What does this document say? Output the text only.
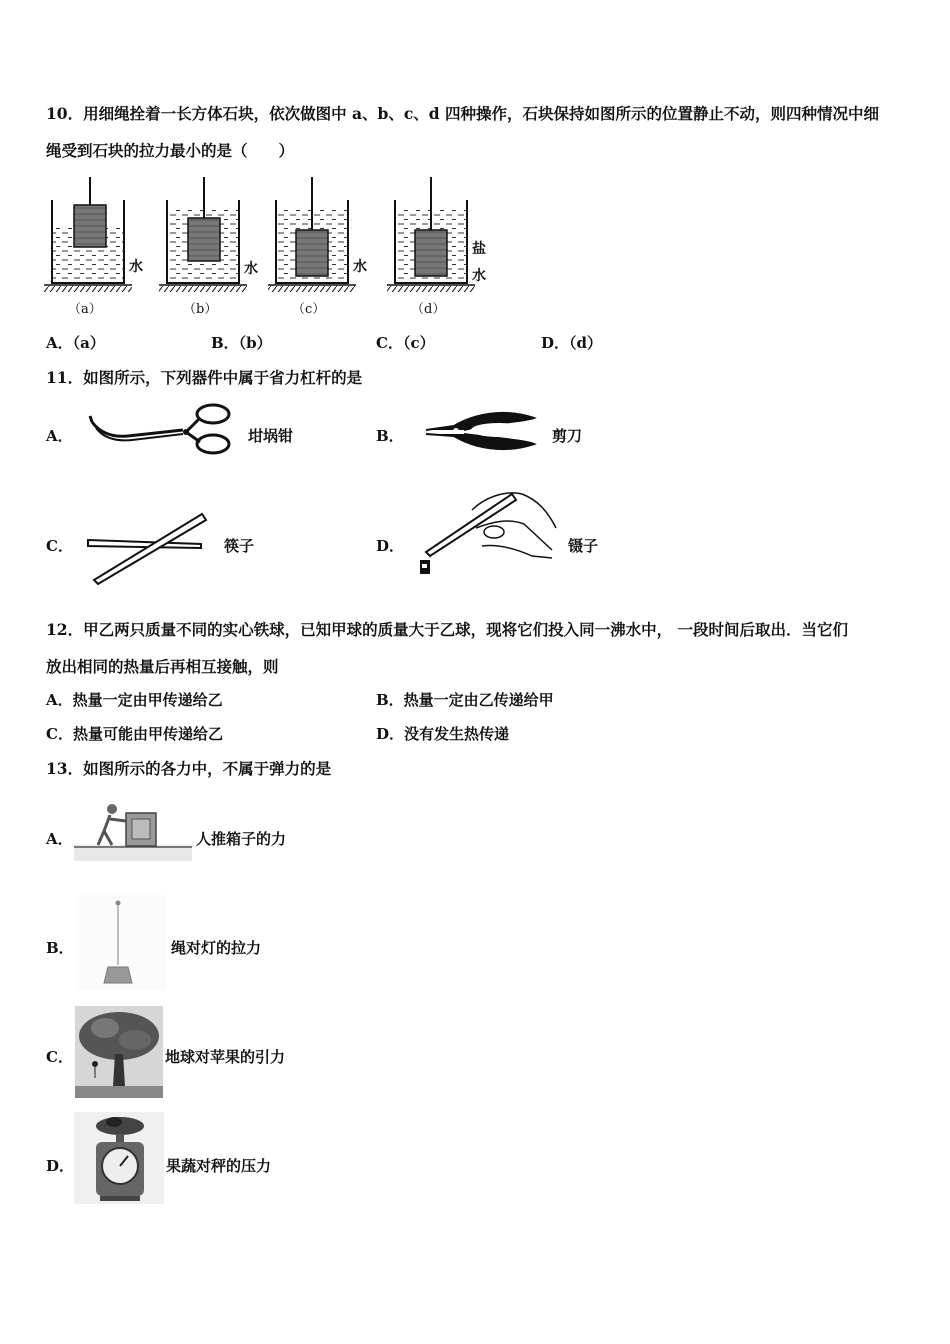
10．用细绳拴着一长方体石块，依次做图中 a、b、c、d 四种操作，石块保持如图所示的位置静止不动，则四种情况中细
绳受到石块的拉力最小的是（　　）
水	水	水
盐
水
（a）	（b）	（c）	（d）
A．（a）	B．（b）	C．（c）	D．（d）
11．如图所示，下列器件中属于省力杠杆的是
A．	坩埚钳	B．	剪刀
C．	筷子	D．	镊子
12．甲乙两只质量不同的实心铁球，已知甲球的质量大于乙球，现将它们投入同一沸水中， 一段时间后取出．当它们
放出相同的热量后再相互接触，则
A．热量一定由甲传递给乙	B．热量一定由乙传递给甲
C．热量可能由甲传递给乙	D．没有发生热传递
13．如图所示的各力中，不属于弹力的是
A．	人推箱子的力
B．	绳对灯的拉力
C．	地球对苹果的引力
D．	果蔬对秤的压力
